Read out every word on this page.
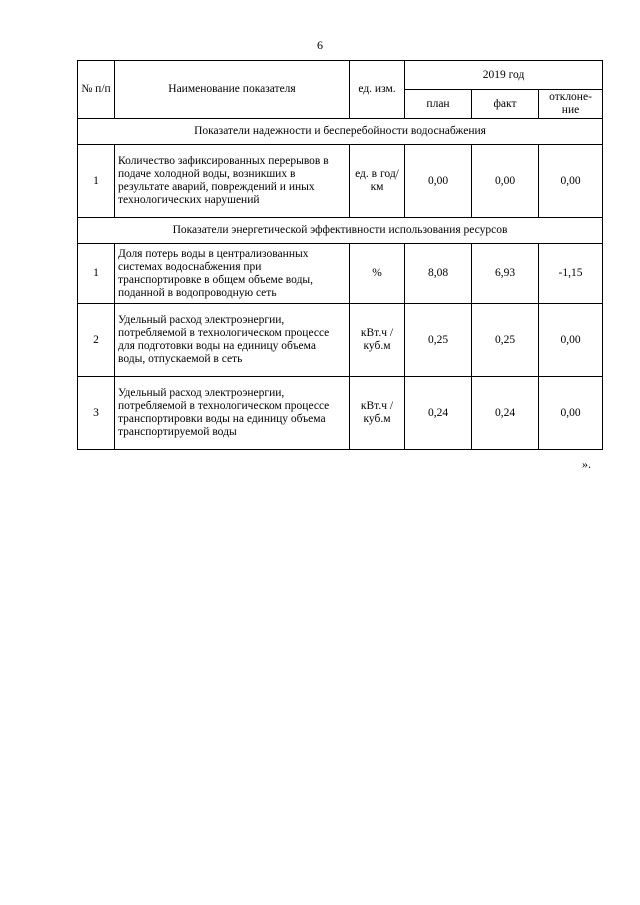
6
№ п/п	Наименование показателя	ед. изм.	2019 год		
			план	факт	отклоне-ние
Показатели надежности и бесперебойности водоснабжения					
1	Количество зафиксированных перерывов в подаче холодной воды, возникших в результате аварий, повреждений и иных технологических нарушений	ед. в год/ км	0,00	0,00	0,00
Показатели энергетической эффективности использования ресурсов					
1	Доля потерь воды в централизованных системах водоснабжения при транспортировке в общем объеме воды, поданной в водопроводную сеть	%	8,08	6,93	-1,15
2	Удельный расход электроэнергии, потребляемой в технологическом процессе для подготовки воды на единицу объема воды, отпускаемой в сеть	кВт.ч / куб.м	0,25	0,25	0,00
3	Удельный расход электроэнергии, потребляемой в технологическом процессе транспортировки воды на единицу объема транспортируемой воды	кВт.ч / куб.м	0,24	0,24	0,00
».
